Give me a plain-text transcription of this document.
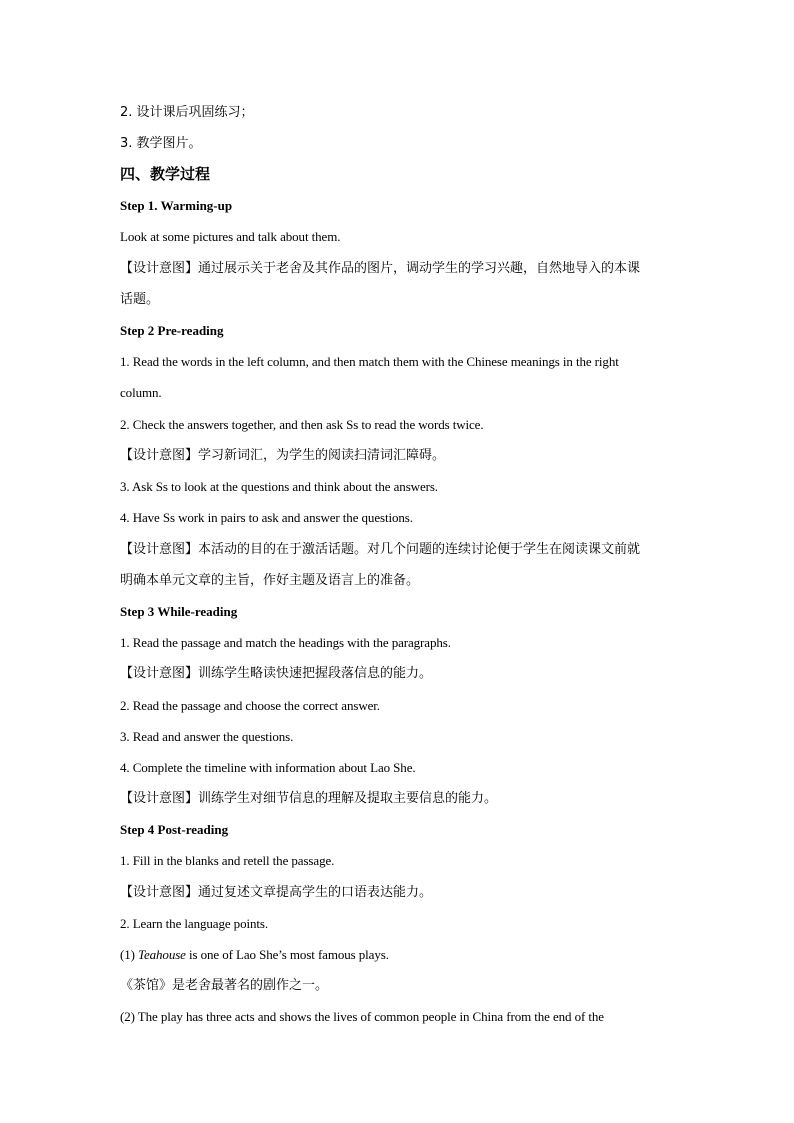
2. 设计课后巩固练习；
3. 教学图片。
四、教学过程
Step 1. Warming-up
Look at some pictures and talk about them.
【设计意图】通过展示关于老舍及其作品的图片，调动学生的学习兴趣，自然地导入的本课
话题。
Step 2 Pre-reading
1. Read the words in the left column, and then match them with the Chinese meanings in the right
column.
2. Check the answers together, and then ask Ss to read the words twice.
【设计意图】学习新词汇，为学生的阅读扫清词汇障碍。
3. Ask Ss to look at the questions and think about the answers.
4. Have Ss work in pairs to ask and answer the questions.
【设计意图】本活动的目的在于激活话题。对几个问题的连续讨论便于学生在阅读课文前就
明确本单元文章的主旨，作好主题及语言上的准备。
Step 3 While-reading
1. Read the passage and match the headings with the paragraphs.
【设计意图】训练学生略读快速把握段落信息的能力。
2. Read the passage and choose the correct answer.
3. Read and answer the questions.
4. Complete the timeline with information about Lao She.
【设计意图】训练学生对细节信息的理解及提取主要信息的能力。
Step 4 Post-reading
1. Fill in the blanks and retell the passage.
【设计意图】通过复述文章提高学生的口语表达能力。
2. Learn the language points.
(1) Teahouse is one of Lao She’s most famous plays.
《茶馆》是老舍最著名的剧作之一。
(2) The play has three acts and shows the lives of common people in China from the end of the
